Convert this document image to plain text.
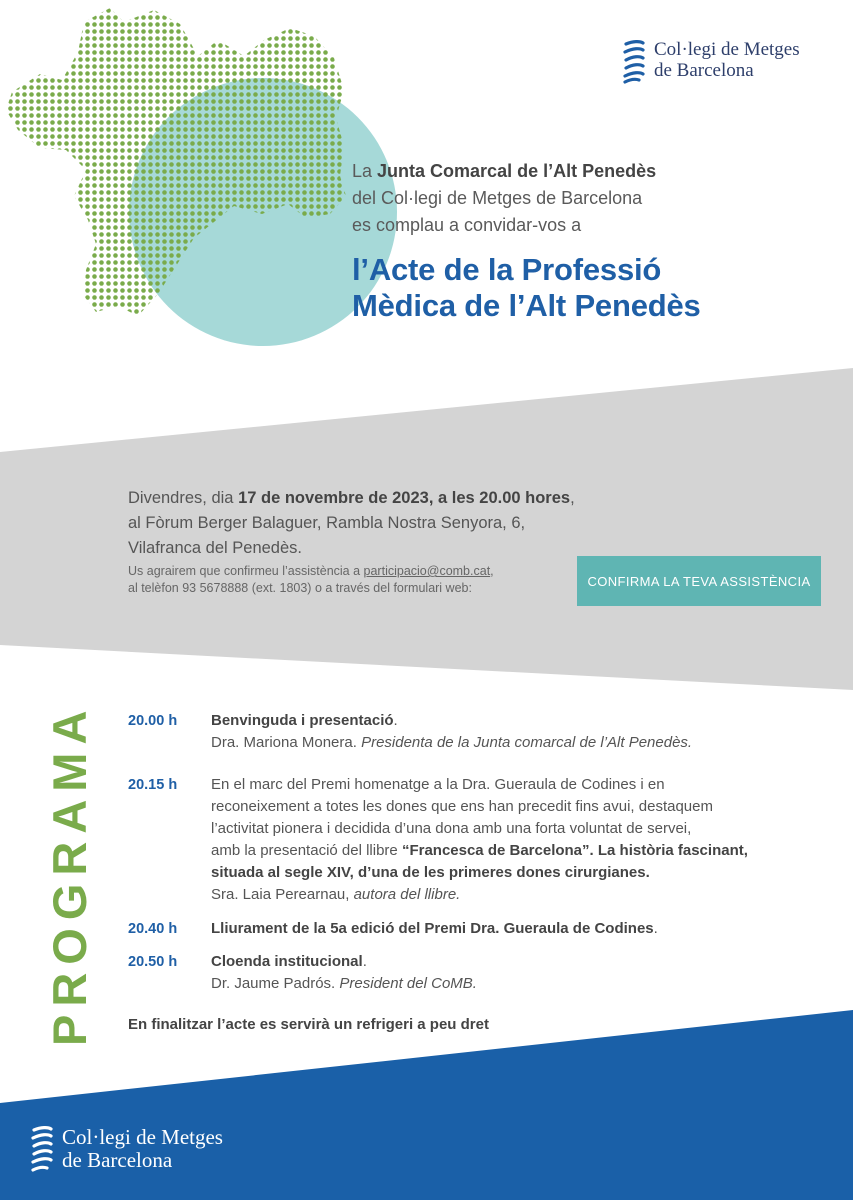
Col·legi de Metges
de Barcelona
La Junta Comarcal de l’Alt Penedès
del Col·legi de Metges de Barcelona
es complau a convidar-vos a
l’Acte de la Professió
Mèdica de l’Alt Penedès
Divendres, dia 17 de novembre de 2023, a les 20.00 hores,
al Fòrum Berger Balaguer, Rambla Nostra Senyora, 6,
Vilafranca del Penedès.
Us agrairem que confirmeu l’assistència a participacio@comb.cat,
al telèfon 93 5678888 (ext. 1803) o a través del formulari web:	CONFIRMA LA TEVA ASSISTÈNCIA
PROGRAMA 20.00 h Benvinguda i presentació.
Dra. Mariona Monera. Presidenta de la Junta comarcal de l’Alt Penedès.
20.15 h En el marc del Premi homenatge a la Dra. Gueraula de Codines i en
reconeixement a totes les dones que ens han precedit fins avui, destaquem
l’activitat pionera i decidida d’una dona amb una forta voluntat de servei,
amb la presentació del llibre “Francesca de Barcelona”. La història fascinant,
situada al segle XIV, d’una de les primeres dones cirurgianes.
Sra. Laia Perearnau, autora del llibre.
20.40 h Lliurament de la 5a edició del Premi Dra. Gueraula de Codines.
20.50 h Cloenda institucional.
Dr. Jaume Padrós. President del CoMB.
En finalitzar l’acte es servirà un refrigeri a peu dret
Col·legi de Metges
de Barcelona
